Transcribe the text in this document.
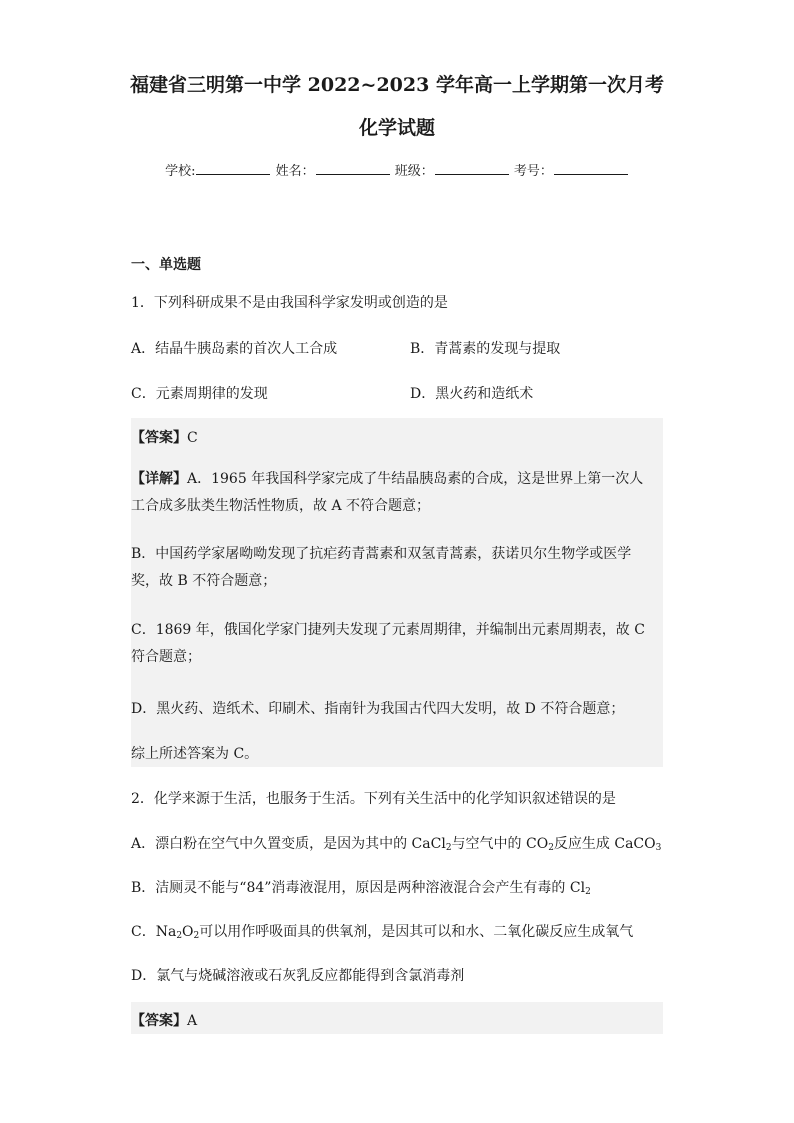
福建省三明第一中学 2022~2023 学年高一上学期第一次月考
化学试题
学校:	姓名：	班级：	考号：
一、单选题
1．下列科研成果不是由我国科学家发明或创造的是
A．结晶牛胰岛素的首次人工合成	B．青蒿素的发现与提取
C．元素周期律的发现	D．黑火药和造纸术
【答案】C
【详解】A．1965 年我国科学家完成了牛结晶胰岛素的合成，这是世界上第一次人工合成多肽类生物活性物质，故 A 不符合题意；
B．中国药学家屠呦呦发现了抗疟药青蒿素和双氢青蒿素，获诺贝尔生物学或医学奖，故 B 不符合题意；
C．1869 年，俄国化学家门捷列夫发现了元素周期律，并编制出元素周期表，故 C 符合题意；
D．黑火药、造纸术、印刷术、指南针为我国古代四大发明，故 D 不符合题意；
综上所述答案为 C。
2．化学来源于生活，也服务于生活。下列有关生活中的化学知识叙述错误的是
A．漂白粉在空气中久置变质，是因为其中的 CaCl$_2$与空气中的 $CO_2$反应生成 CaCO$_3$
B．洁厕灵不能与“84”消毒液混用，原因是两种溶液混合会产生有毒的 $Cl_2$
C．$Na_2O_2$可以用作呼吸面具的供氧剂，是因其可以和水、二氧化碳反应生成氧气
D．氯气与烧碱溶液或石灰乳反应都能得到含氯消毒剂
【答案】A
